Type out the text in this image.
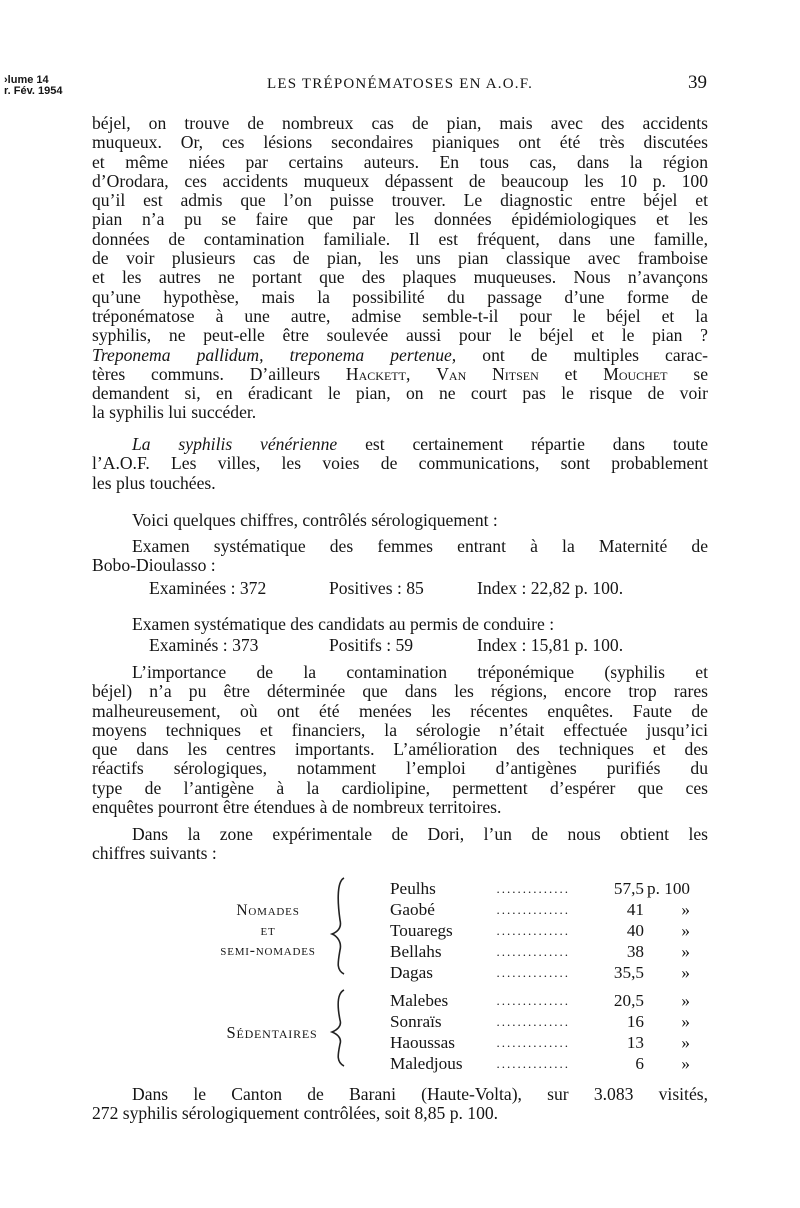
›lume 14
r. Fév. 1954	LES TRÉPONÉMATOSES EN A.O.F.	39

béjel, on trouve de nombreux cas de pian, mais avec des accidents
muqueux. Or, ces lésions secondaires pianiques ont été très discutées
et même niées par certains auteurs. En tous cas, dans la région
d’Orodara, ces accidents muqueux dépassent de beaucoup les 10 p. 100
qu’il est admis que l’on puisse trouver. Le diagnostic entre béjel et
pian n’a pu se faire que par les données épidémiologiques et les
données de contamination familiale. Il est fréquent, dans une famille,
de voir plusieurs cas de pian, les uns pian classique avec framboise
et les autres ne portant que des plaques muqueuses. Nous n’avançons
qu’une hypothèse, mais la possibilité du passage d’une forme de
tréponématose à une autre, admise semble-t-il pour le béjel et la
syphilis, ne peut-elle être soulevée aussi pour le béjel et le pian ?
Treponema pallidum, treponema pertenue, ont de multiples carac-
tères communs. D’ailleurs Hackett, Van Nitsen et Mouchet se
demandent si, en éradicant le pian, on ne court pas le risque de voir
la syphilis lui succéder.

La syphilis vénérienne est certainement répartie dans toute
l’A.O.F. Les villes, les voies de communications, sont probablement
les plus touchées.

Voici quelques chiffres, contrôlés sérologiquement :

Examen systématique des femmes entrant à la Maternité de
Bobo-Dioulasso :

Examinées : 372	Positives : 85	Index : 22,82 p. 100.
Examen systématique des candidats au permis de conduire :
Examinés : 373	Positifs : 59	Index : 15,81 p. 100.

L’importance de la contamination tréponémique (syphilis et
béjel) n’a pu être déterminée que dans les régions, encore trop rares
malheureusement, où ont été menées les récentes enquêtes. Faute de
moyens techniques et financiers, la sérologie n’était effectuée jusqu’ici
que dans les centres importants. L’amélioration des techniques et des
réactifs sérologiques, notamment l’emploi d’antigènes purifiés du
type de l’antigène à la cardiolipine, permettent d’espérer que ces
enquêtes pourront être étendues à de nombreux territoires.

Dans la zone expérimentale de Dori, l’un de nous obtient les
chiffres suivants :

Nomades
et
semi-nomades
Sédentaires
Peulhs	..............	57,5 p. 100
Gaobé	..............	41 »
Touaregs	..............	40 »
Bellahs	..............	38 »
Dagas	..............	35,5 »
Malebes	..............	20,5 »
Sonraïs	..............	16 »
Haoussas	..............	13 »
Maledjous	..............	6 »

Dans le Canton de Barani (Haute-Volta), sur 3.083 visités,
272 syphilis sérologiquement contrôlées, soit 8,85 p. 100.
